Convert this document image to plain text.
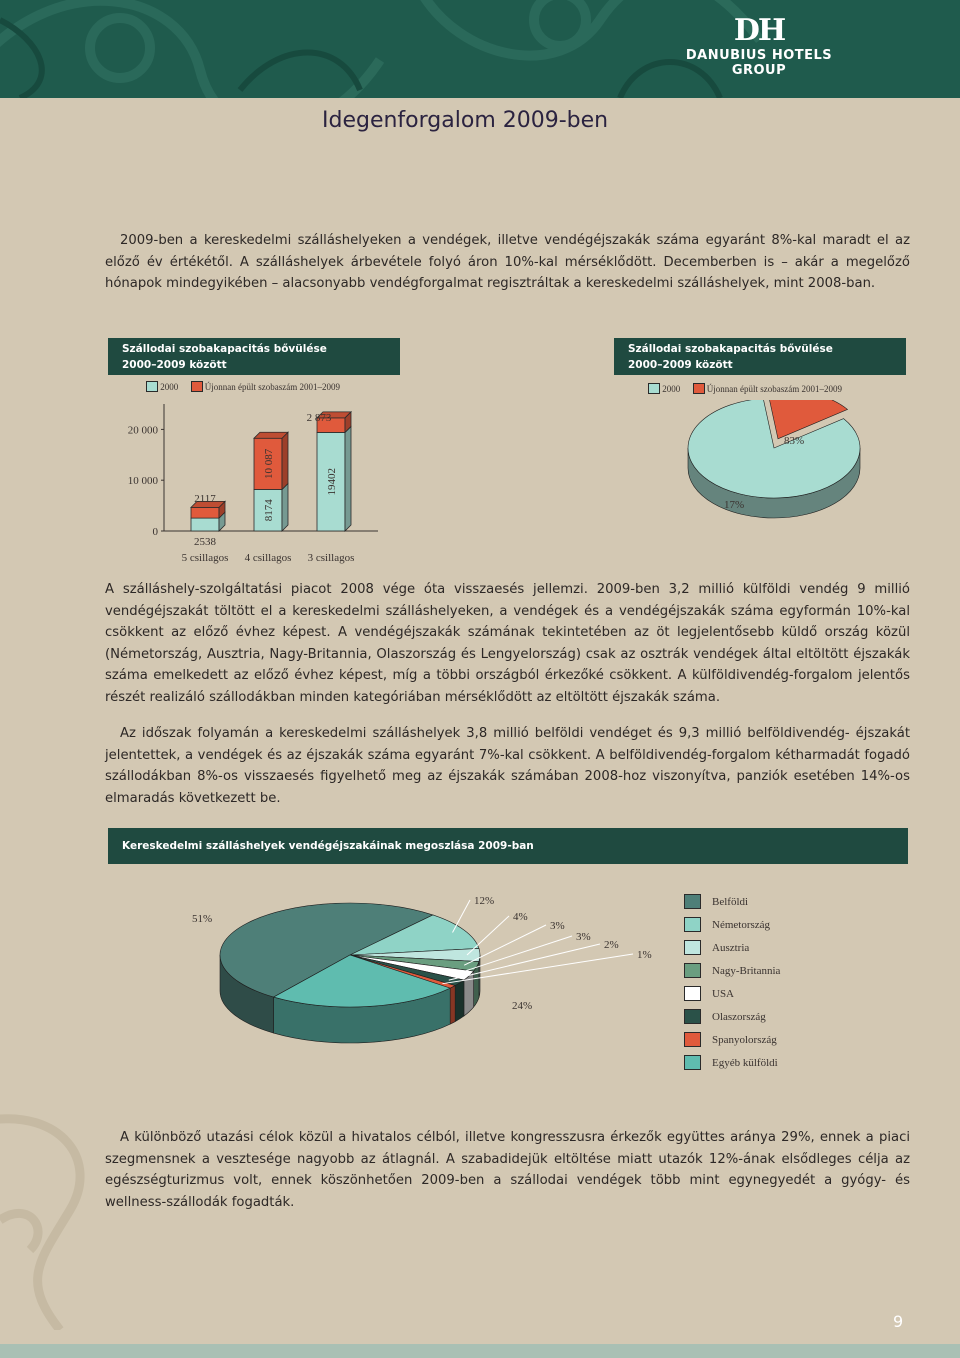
DH
DANUBIUS HOTELS
GROUP
Idegenforgalom 2009-ben

2009-ben a kereskedelmi szálláshelyeken a vendégek, illetve vendégéjszakák száma egyaránt 8%-kal maradt el az előző év értékétől. A szálláshelyek árbevétele folyó áron 10%-kal mérséklődött. Decemberben is – akár a megelőző hónapok mindegyikében – alacsonyabb vendégforgalmat regisztráltak a kereskedelmi szálláshelyek, mint 2008-ban.

Szállodai szobakapacitás bővülése
2000–2009 között
2000	Újonnan épült szobaszám 2001–2009
0
10 000
20 000
5 csillagos 4 csillagos 3 csillagos
2538
2117
8174
10 087
19402
2 873
Szállodai szobakapacitás bővülése
2000–2009 között
2000	Újonnan épült szobaszám 2001–2009
83%
17%

A szálláshely-szolgáltatási piacot 2008 vége óta visszaesés jellemzi. 2009-ben 3,2 millió külföldi vendég 9 millió vendégéjszakát töltött el a kereskedelmi szálláshelyeken, a vendégek és a vendégéjszakák száma egyformán 10%-kal csökkent az előző évhez képest. A vendégéjszakák számának tekintetében az öt legjelentősebb küldő ország közül (Németország, Ausztria, Nagy-Britannia, Olaszország és Lengyelország) csak az osztrák vendégek által eltöltött éjszakák száma emelkedett az előző évhez képest, míg a többi országból érkezőké csökkent. A külföldivendég-forgalom jelentős részét realizáló szállodákban minden kategóriában mérséklődött az eltöltött éjszakák száma.

Az időszak folyamán a kereskedelmi szálláshelyek 3,8 millió belföldi vendéget és 9,3 millió belföldivendég- éjszakát jelentettek, a vendégek és az éjszakák száma egyaránt 7%-kal csökkent. A belföldivendég-forgalom kétharmadát fogadó szállodákban 8%-os visszaesés figyelhető meg az éjszakák számában 2008-hoz viszonyítva, panziók esetében 14%-os elmaradás következett be.

Kereskedelmi szálláshelyek vendégéjszakáinak megoszlása 2009-ban
51%
12%
4%
3%
3%
2%
1%
24%
Belföldi
Németország
Ausztria
Nagy-Britannia
USA
Olaszország
Spanyolország
Egyéb külföldi

A különböző utazási célok közül a hivatalos célból, illetve kongresszusra érkezők együttes aránya 29%, ennek a piaci szegmensnek a vesztesége nagyobb az átlagnál. A szabadidejük eltöltése miatt utazók 12%-ának elsődleges célja az egészségturizmus volt, ennek köszönhetően 2009-ben a szállodai vendégek több mint egynegyedét a gyógy- és wellness-szállodák fogadták.

9
